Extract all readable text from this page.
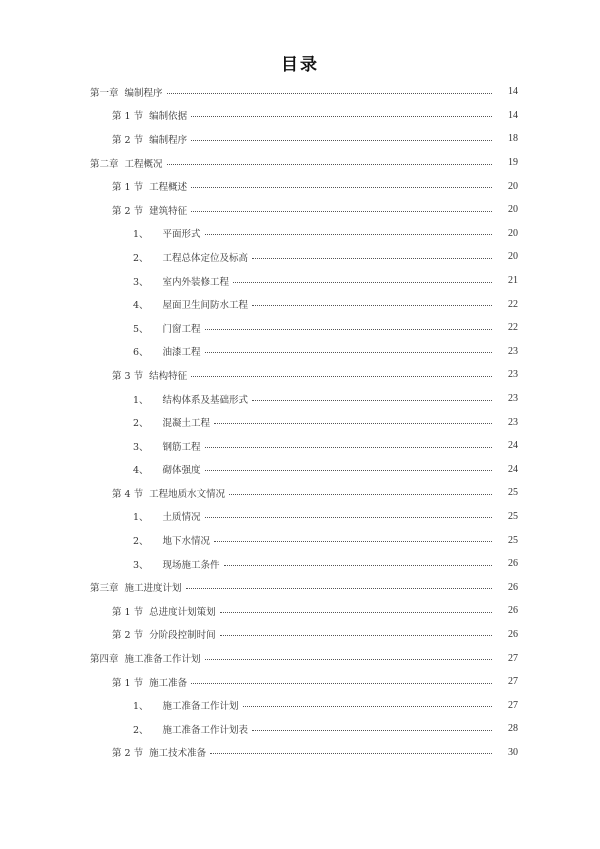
目录
第一章 编制程序	14
第 1 节 编制依据	14
第 2 节 编制程序	18
第二章 工程概况	19
第 1 节 工程概述	20
第 2 节 建筑特征	20
1、 平面形式	20
2、 工程总体定位及标高	20
3、 室内外装修工程	21
4、 屋面卫生间防水工程	22
5、 门窗工程	22
6、 油漆工程	23
第 3 节 结构特征	23
1、 结构体系及基础形式	23
2、 混凝土工程	23
3、 钢筋工程	24
4、 砌体强度	24
第 4 节 工程地质水文情况	25
1、 土质情况	25
2、 地下水情况	25
3、 现场施工条件	26
第三章 施工进度计划	26
第 1 节 总进度计划策划	26
第 2 节 分阶段控制时间	26
第四章 施工准备工作计划	27
第 1 节 施工准备	27
1、 施工准备工作计划	27
2、 施工准备工作计划表	28
第 2 节 施工技术准备	30
